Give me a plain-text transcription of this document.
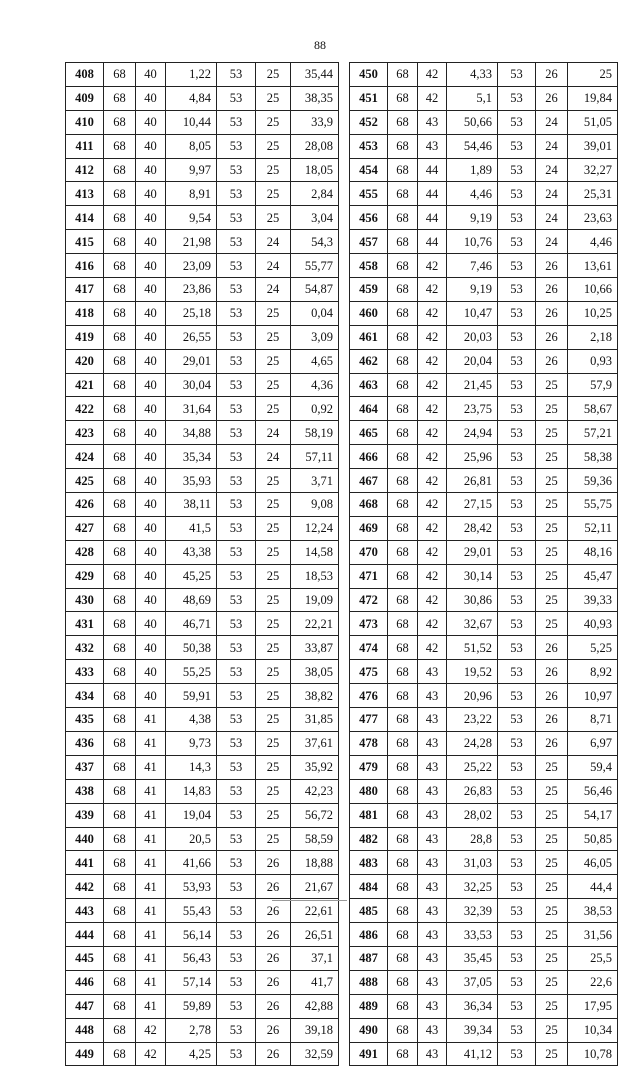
88
408	68	40	1,22	53	25	35,44
409	68	40	4,84	53	25	38,35
410	68	40	10,44	53	25	33,9
411	68	40	8,05	53	25	28,08
412	68	40	9,97	53	25	18,05
413	68	40	8,91	53	25	2,84
414	68	40	9,54	53	25	3,04
415	68	40	21,98	53	24	54,3
416	68	40	23,09	53	24	55,77
417	68	40	23,86	53	24	54,87
418	68	40	25,18	53	25	0,04
419	68	40	26,55	53	25	3,09
420	68	40	29,01	53	25	4,65
421	68	40	30,04	53	25	4,36
422	68	40	31,64	53	25	0,92
423	68	40	34,88	53	24	58,19
424	68	40	35,34	53	24	57,11
425	68	40	35,93	53	25	3,71
426	68	40	38,11	53	25	9,08
427	68	40	41,5	53	25	12,24
428	68	40	43,38	53	25	14,58
429	68	40	45,25	53	25	18,53
430	68	40	48,69	53	25	19,09
431	68	40	46,71	53	25	22,21
432	68	40	50,38	53	25	33,87
433	68	40	55,25	53	25	38,05
434	68	40	59,91	53	25	38,82
435	68	41	4,38	53	25	31,85
436	68	41	9,73	53	25	37,61
437	68	41	14,3	53	25	35,92
438	68	41	14,83	53	25	42,23
439	68	41	19,04	53	25	56,72
440	68	41	20,5	53	25	58,59
441	68	41	41,66	53	26	18,88
442	68	41	53,93	53	26	21,67
443	68	41	55,43	53	26	22,61
444	68	41	56,14	53	26	26,51
445	68	41	56,43	53	26	37,1
446	68	41	57,14	53	26	41,7
447	68	41	59,89	53	26	42,88
448	68	42	2,78	53	26	39,18
449	68	42	4,25	53	26	32,59
450	68	42	4,33	53	26	25
451	68	42	5,1	53	26	19,84
452	68	43	50,66	53	24	51,05
453	68	43	54,46	53	24	39,01
454	68	44	1,89	53	24	32,27
455	68	44	4,46	53	24	25,31
456	68	44	9,19	53	24	23,63
457	68	44	10,76	53	24	4,46
458	68	42	7,46	53	26	13,61
459	68	42	9,19	53	26	10,66
460	68	42	10,47	53	26	10,25
461	68	42	20,03	53	26	2,18
462	68	42	20,04	53	26	0,93
463	68	42	21,45	53	25	57,9
464	68	42	23,75	53	25	58,67
465	68	42	24,94	53	25	57,21
466	68	42	25,96	53	25	58,38
467	68	42	26,81	53	25	59,36
468	68	42	27,15	53	25	55,75
469	68	42	28,42	53	25	52,11
470	68	42	29,01	53	25	48,16
471	68	42	30,14	53	25	45,47
472	68	42	30,86	53	25	39,33
473	68	42	32,67	53	25	40,93
474	68	42	51,52	53	26	5,25
475	68	43	19,52	53	26	8,92
476	68	43	20,96	53	26	10,97
477	68	43	23,22	53	26	8,71
478	68	43	24,28	53	26	6,97
479	68	43	25,22	53	25	59,4
480	68	43	26,83	53	25	56,46
481	68	43	28,02	53	25	54,17
482	68	43	28,8	53	25	50,85
483	68	43	31,03	53	25	46,05
484	68	43	32,25	53	25	44,4
485	68	43	32,39	53	25	38,53
486	68	43	33,53	53	25	31,56
487	68	43	35,45	53	25	25,5
488	68	43	37,05	53	25	22,6
489	68	43	36,34	53	25	17,95
490	68	43	39,34	53	25	10,34
491	68	43	41,12	53	25	10,78
